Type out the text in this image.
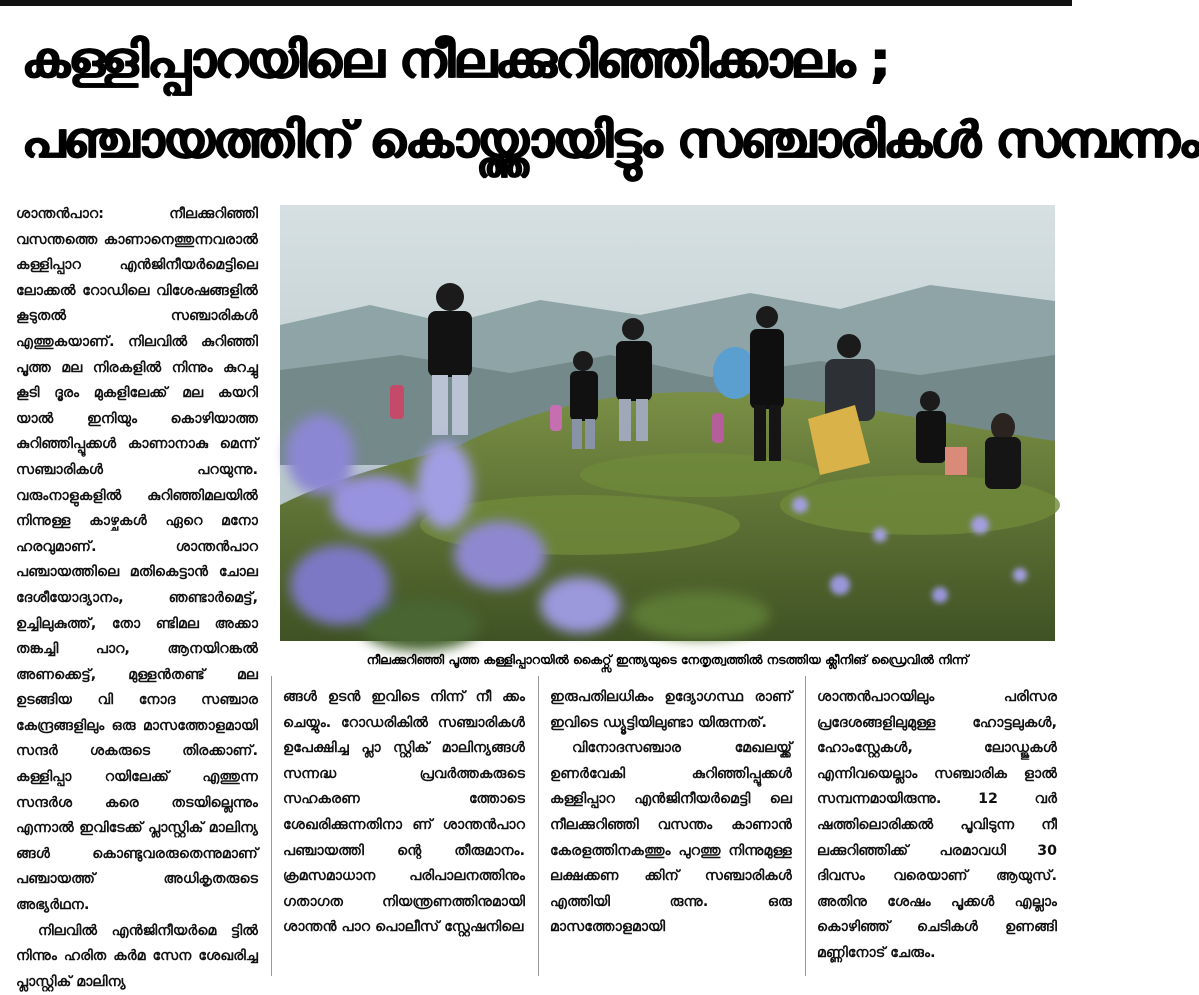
കള്ളിപ്പാറയിലെ നീലക്കുറിഞ്ഞിക്കാലം ;
പഞ്ചായത്തിന് കൊയ്ത്തായിട്ടും സഞ്ചാരികൾ സമ്പന്നം

ശാന്തൻപാറ: നീലക്കുറിഞ്ഞി വസന്തത്തെ കാണാനെത്തുന്നവരാൽ കള്ളിപ്പാറ എൻജിനീയർമെട്ടിലെ ലോക്കൽ റോഡിലെ വിശേഷങ്ങളിൽ കൂടുതൽ സഞ്ചാരികൾ എത്തുകയാണ്. നിലവിൽ കുറിഞ്ഞി പൂത്ത മല നിരകളിൽ നിന്നും കുറച്ചു കൂടി ദൂരം മുകളിലേക്ക് മല കയറി യാൽ ഇനിയും കൊഴിയാത്ത കുറിഞ്ഞിപ്പൂക്കൾ കാണാനാകു മെന്ന് സഞ്ചാരികൾ പറയുന്നു. വരുംനാളുകളിൽ കുറിഞ്ഞിമലയിൽ നിന്നുള്ള കാഴ്ചകൾ ഏറെ മനോ ഹരവുമാണ്. ശാന്തൻപാറ പഞ്ചായത്തിലെ മതികെട്ടാൻ ചോല ദേശീയോദ്യാനം, ഞണ്ടാർമെട്ട്, ഉച്ചിലുകുത്ത്, തോ ണ്ടിമല അക്കാ തങ്കച്ചി പാറ, ആനയിറങ്കൽ അണക്കെട്ട്, മുള്ളൻതണ്ട് മല ഉടങ്ങിയ വി നോദ സഞ്ചാര കേന്ദ്രങ്ങളിലും ഒരു മാസത്തോളമായി സന്ദർ ശകരുടെ തിരക്കാണ്. കള്ളിപ്പാ റയിലേക്ക് എത്തുന്ന സന്ദർശ കരെ തടയില്ലെന്നും എന്നാൽ ഇവിടേക്ക് പ്ലാസ്റ്റിക് മാലിന്യ ങ്ങൾ കൊണ്ടുവരരുതെന്നുമാണ് പഞ്ചായത്ത് അധികൃതരുടെ അഭ്യർഥന.

നിലവിൽ എൻജിനീയർമെ ട്ടിൽ നിന്നും ഹരിത കർമ സേന ശേഖരിച്ച പ്ലാസ്റ്റിക് മാലിന്യ

നീലക്കുറിഞ്ഞി പൂത്ത കള്ളിപ്പാറയിൽ കൈറ്റ്സ് ഇന്ത്യയുടെ നേതൃത്വത്തിൽ നടത്തിയ ക്ലീനിങ് ഡ്രൈവിൽ നിന്ന്

ങ്ങൾ ഉടൻ ഇവിടെ നിന്ന് നീ ക്കം ചെയ്യും. റോഡരികിൽ സഞ്ചാരികൾ ഉപേക്ഷിച്ച പ്ലാ സ്റ്റിക് മാലിന്യങ്ങൾ സന്നദ്ധ പ്രവർത്തകരുടെ സഹകരണ ത്തോടെ ശേഖരിക്കുന്നതിനാ ണ് ശാന്തൻപാറ പഞ്ചായത്തി ന്റെ തീരുമാനം. ക്രമസമാധാന പരിപാലനത്തിനും ഗതാഗത നിയന്ത്രണത്തിനുമായി ശാന്തൻ പാറ പൊലീസ് സ്റ്റേഷനിലെ

ഇരുപതിലധികം ഉദ്യോഗസ്ഥ രാണ് ഇവിടെ ഡ്യൂട്ടിയിലുണ്ടാ യിരുന്നത്.

വിനോദസഞ്ചാര മേഖലയ്ക്ക് ഉണർവേകി കുറിഞ്ഞിപ്പൂക്കൾ കള്ളിപ്പാറ എൻജിനീയർമെട്ടി ലെ നീലക്കുറിഞ്ഞി വസന്തം കാണാൻ കേരളത്തിനകത്തും പുറത്തു നിന്നുമുള്ള ലക്ഷക്കണ ക്കിന് സഞ്ചാരികൾ എത്തിയി രുന്നു. ഒരു മാസത്തോളമായി

ശാന്തൻപാറയിലും പരിസര പ്രദേശങ്ങളിലുമുള്ള ഹോട്ടലുകൾ, ഹോംസ്റ്റേകൾ, ലോഡ്ജുകൾ എന്നിവയെല്ലാം സഞ്ചാരിക ളാൽ സമ്പന്നമായിരുന്നു. 12 വർ ഷത്തിലൊരിക്കൽ പൂവിടുന്ന നീ ലക്കുറിഞ്ഞിക്ക് പരമാവധി 30 ദിവസം വരെയാണ് ആയുസ്. അതിനു ശേഷം പൂക്കൾ എല്ലാം കൊഴിഞ്ഞ് ചെടികൾ ഉണങ്ങി മണ്ണിനോട് ചേരും.
